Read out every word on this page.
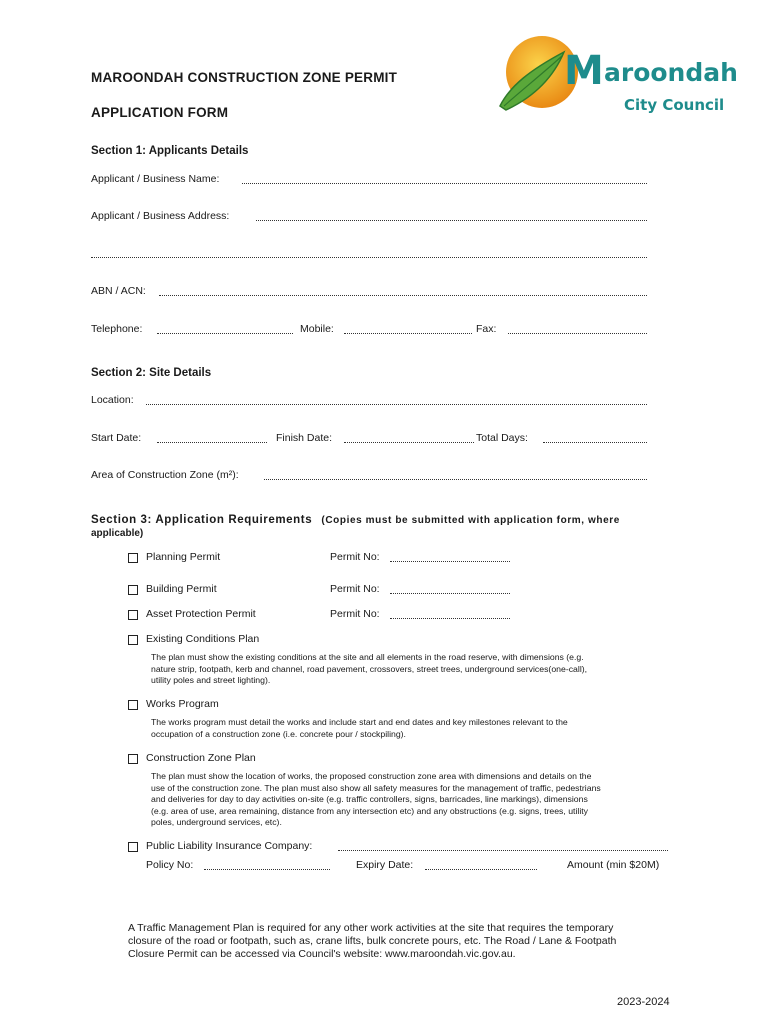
M aroondah
City Council
MAROONDAH CONSTRUCTION ZONE PERMIT
APPLICATION FORM
Section 1: Applicants Details
Applicant / Business Name:
Applicant / Business Address:
ABN / ACN:
Telephone:	Mobile:	Fax:
Section 2: Site Details
Location:
Start Date:	Finish Date:	Total Days:
Area of Construction Zone (m²):
Section 3: Application Requirements (Copies must be submitted with application form, where
applicable)
Planning Permit	Permit No:
Building Permit	Permit No:
Asset Protection Permit	Permit No:
Existing Conditions Plan
The plan must show the existing conditions at the site and all elements in the road reserve, with dimensions (e.g.
nature strip, footpath, kerb and channel, road pavement, crossovers, street trees, underground services(one-call),
utility poles and street lighting).
Works Program
The works program must detail the works and include start and end dates and key milestones relevant to the
occupation of a construction zone (i.e. concrete pour / stockpiling).
Construction Zone Plan
The plan must show the location of works, the proposed construction zone area with dimensions and details on the
use of the construction zone. The plan must also show all safety measures for the management of traffic, pedestrians
and deliveries for day to day activities on-site (e.g. traffic controllers, signs, barricades, line markings), dimensions
(e.g. area of use, area remaining, distance from any intersection etc) and any obstructions (e.g. signs, trees, utility
poles, underground services, etc).
Public Liability Insurance Company:
Policy No:	Expiry Date:	Amount (min $20M)
A Traffic Management Plan is required for any other work activities at the site that requires the temporary
closure of the road or footpath, such as, crane lifts, bulk concrete pours, etc. The Road / Lane & Footpath
Closure Permit can be accessed via Council's website: www.maroondah.vic.gov.au.
2023-2024
